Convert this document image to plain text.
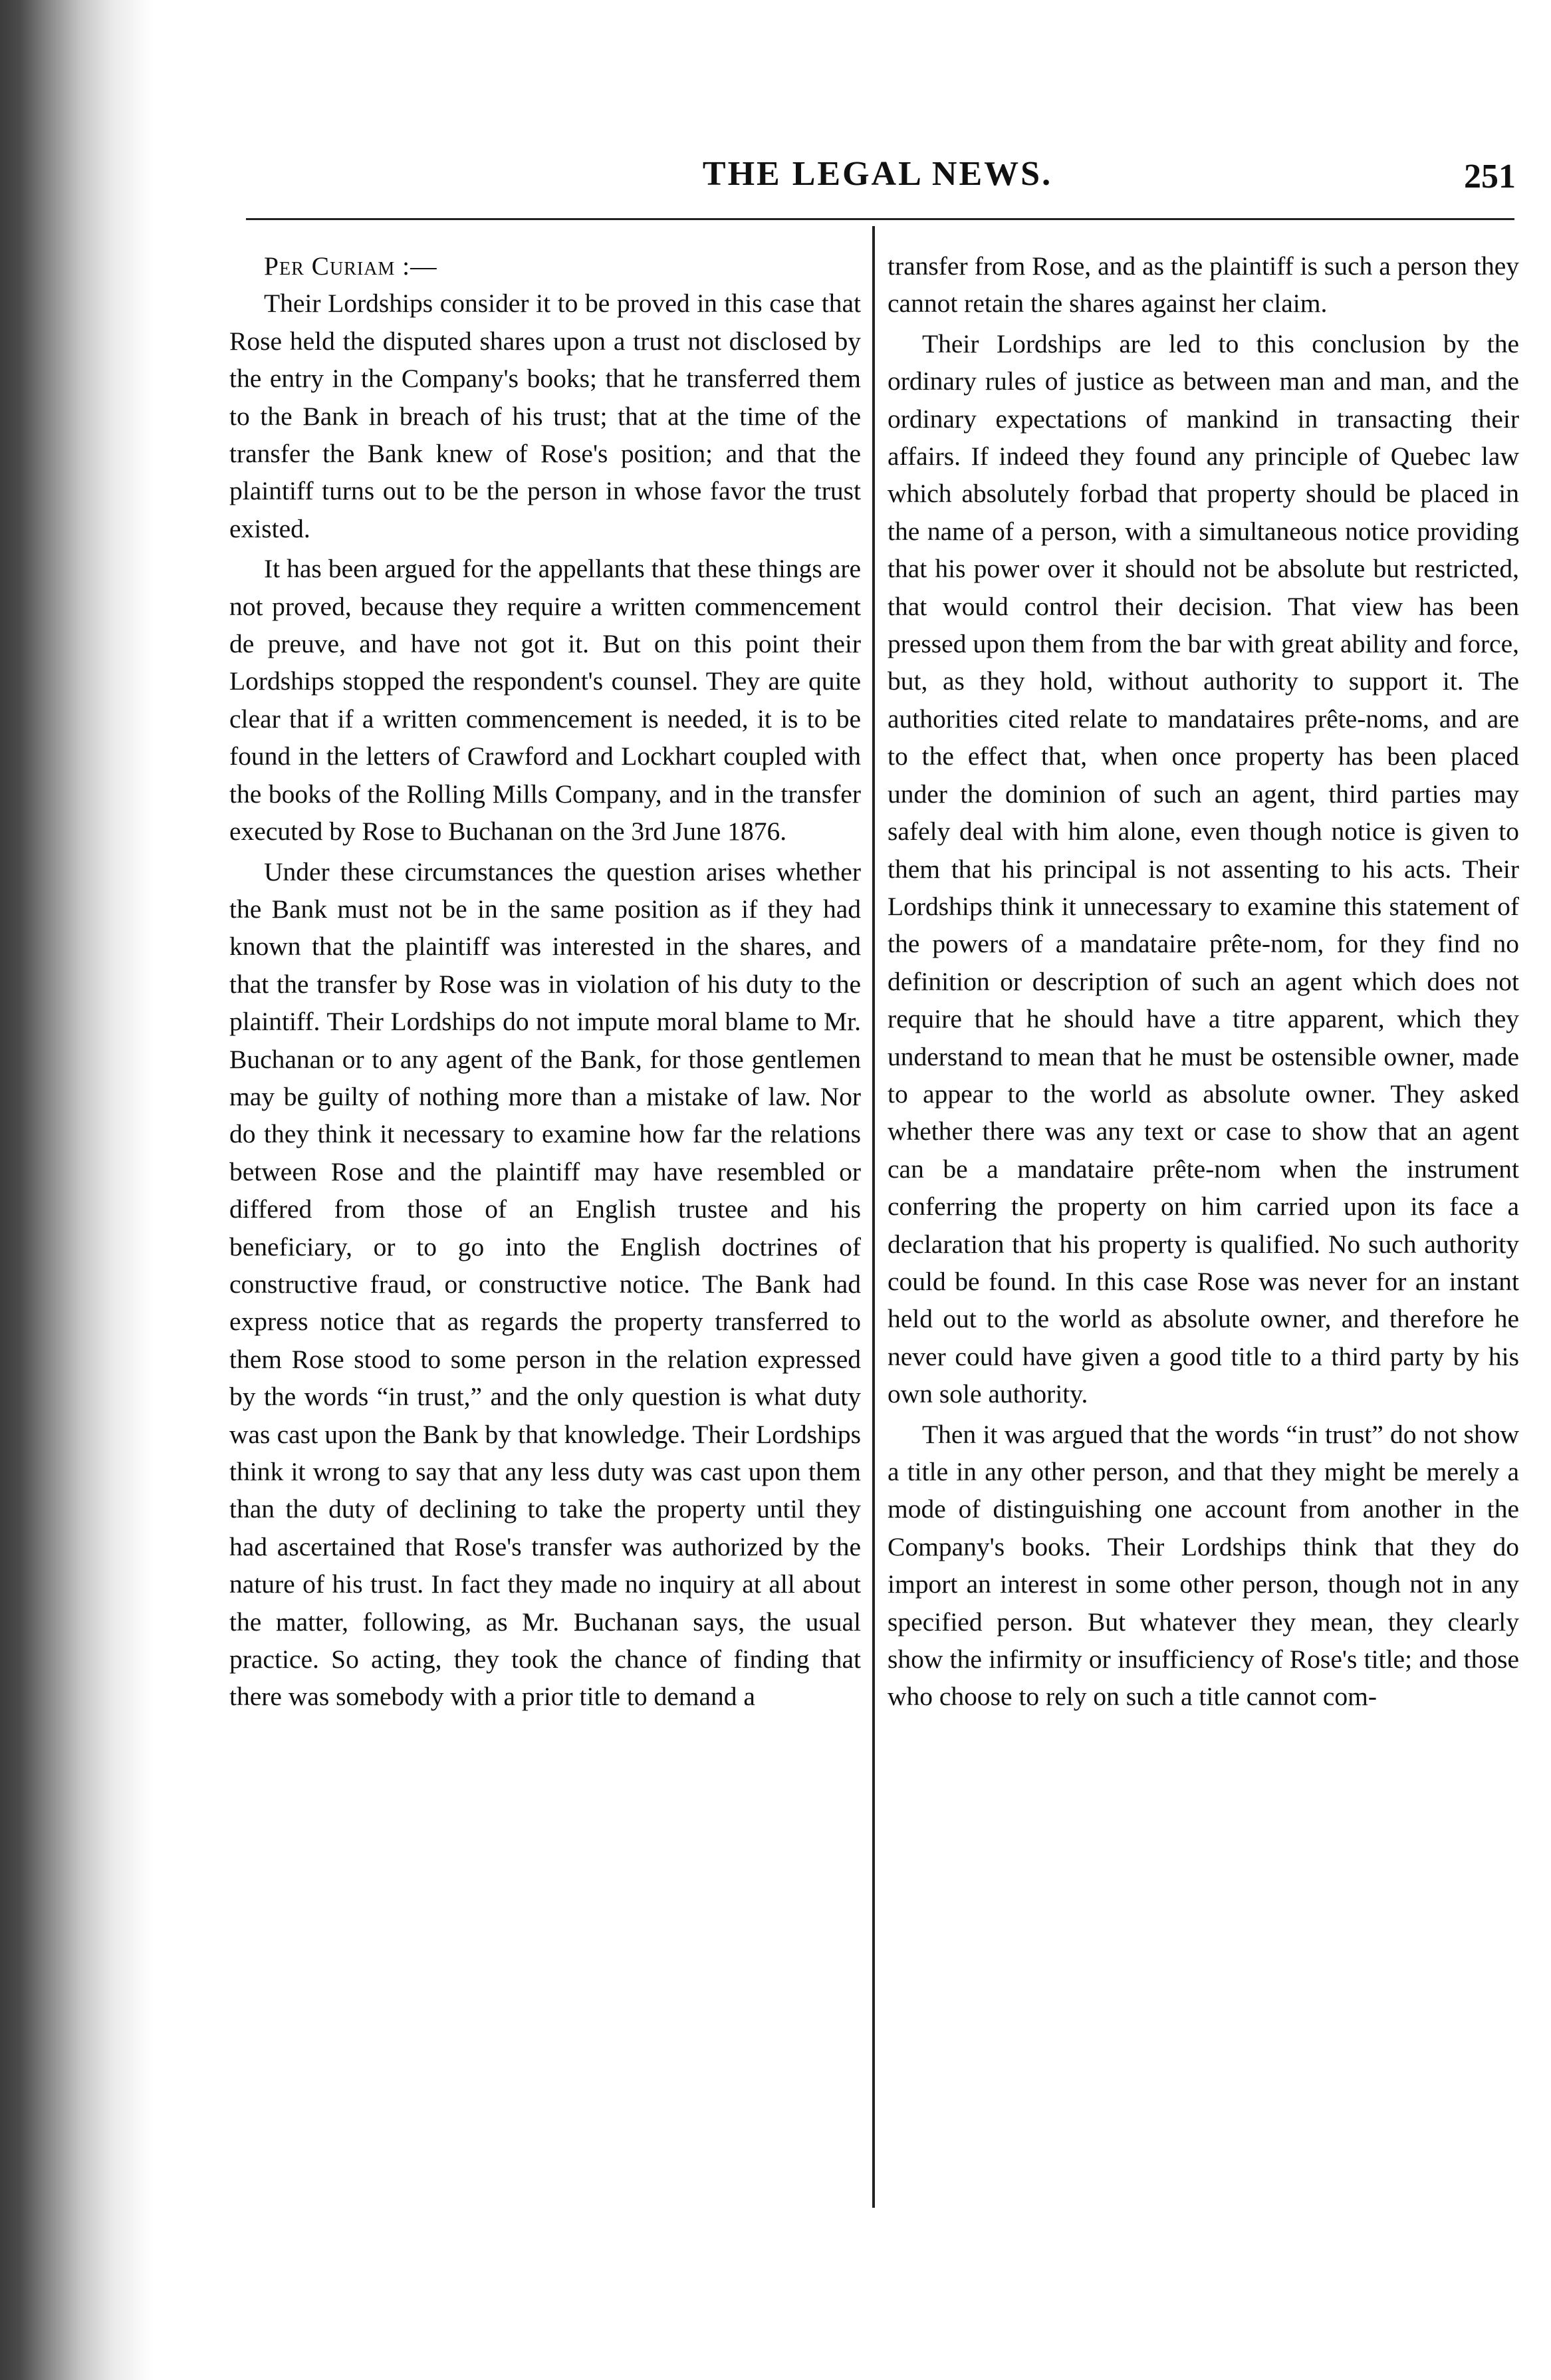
THE LEGAL NEWS.	251
Per Curiam :—

Their Lordships consider it to be proved in this case that Rose held the disputed shares upon a trust not disclosed by the entry in the Company's books; that he transferred them to the Bank in breach of his trust; that at the time of the transfer the Bank knew of Rose's position; and that the plaintiff turns out to be the person in whose favor the trust existed.

It has been argued for the appellants that these things are not proved, because they require a written commencement de preuve, and have not got it. But on this point their Lordships stopped the respondent's counsel. They are quite clear that if a written commencement is needed, it is to be found in the letters of Crawford and Lockhart coupled with the books of the Rolling Mills Company, and in the transfer executed by Rose to Buchanan on the 3rd June 1876.

Under these circumstances the question arises whether the Bank must not be in the same position as if they had known that the plaintiff was interested in the shares, and that the transfer by Rose was in violation of his duty to the plaintiff. Their Lordships do not impute moral blame to Mr. Buchanan or to any agent of the Bank, for those gentlemen may be guilty of nothing more than a mistake of law. Nor do they think it necessary to examine how far the relations between Rose and the plaintiff may have resembled or differed from those of an English trustee and his beneficiary, or to go into the English doctrines of constructive fraud, or constructive notice. The Bank had express notice that as regards the property transferred to them Rose stood to some person in the relation expressed by the words “in trust,” and the only question is what duty was cast upon the Bank by that knowledge. Their Lordships think it wrong to say that any less duty was cast upon them than the duty of declining to take the property until they had ascertained that Rose's transfer was authorized by the nature of his trust. In fact they made no inquiry at all about the matter, following, as Mr. Buchanan says, the usual practice. So acting, they took the chance of finding that there was somebody with a prior title to demand a

transfer from Rose, and as the plaintiff is such a person they cannot retain the shares against her claim.

Their Lordships are led to this conclusion by the ordinary rules of justice as between man and man, and the ordinary expectations of mankind in transacting their affairs. If indeed they found any principle of Quebec law which absolutely forbad that property should be placed in the name of a person, with a simultaneous notice providing that his power over it should not be absolute but restricted, that would control their decision. That view has been pressed upon them from the bar with great ability and force, but, as they hold, without authority to support it. The authorities cited relate to mandataires prête-noms, and are to the effect that, when once property has been placed under the dominion of such an agent, third parties may safely deal with him alone, even though notice is given to them that his principal is not assenting to his acts. Their Lordships think it unnecessary to examine this statement of the powers of a mandataire prête-nom, for they find no definition or description of such an agent which does not require that he should have a titre apparent, which they understand to mean that he must be ostensible owner, made to appear to the world as absolute owner. They asked whether there was any text or case to show that an agent can be a mandataire prête-nom when the instrument conferring the property on him carried upon its face a declaration that his property is qualified. No such authority could be found. In this case Rose was never for an instant held out to the world as absolute owner, and therefore he never could have given a good title to a third party by his own sole authority.

Then it was argued that the words “in trust” do not show a title in any other person, and that they might be merely a mode of distinguishing one account from another in the Company's books. Their Lordships think that they do import an interest in some other person, though not in any specified person. But whatever they mean, they clearly show the infirmity or insufficiency of Rose's title; and those who choose to rely on such a title cannot com-
